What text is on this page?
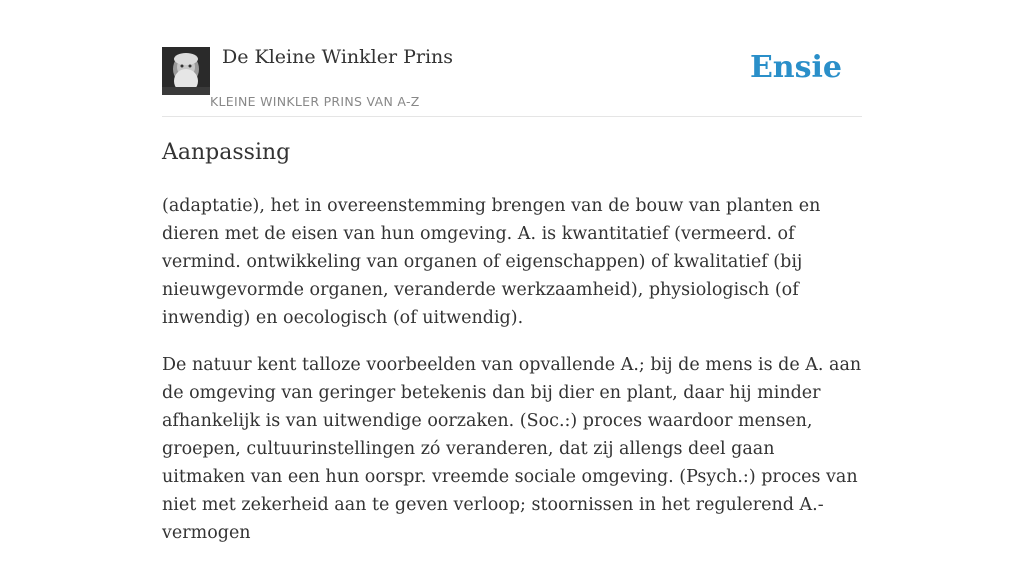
De Kleine Winkler Prins
KLEINE WINKLER PRINS VAN A-Z
Ensie
Aanpassing

(adaptatie), het in overeenstemming brengen van de bouw van planten en dieren met de eisen van hun omgeving. A. is kwantitatief (vermeerd. of vermind. ontwikkeling van organen of eigenschappen) of kwalitatief (bij nieuwgevormde organen, veranderde werkzaamheid), physiologisch (of inwendig) en oecologisch (of uitwendig).

De natuur kent talloze voorbeelden van opvallende A.; bij de mens is de A. aan de omgeving van geringer betekenis dan bij dier en plant, daar hij minder afhankelijk is van uitwendige oorzaken. (Soc.:) proces waardoor mensen, groepen, cultuurinstellingen zó veranderen, dat zij allengs deel gaan uitmaken van een hun oorspr. vreemde sociale omgeving. (Psych.:) proces van niet met zekerheid aan te geven verloop; stoornissen in het regulerend A.-vermogen
